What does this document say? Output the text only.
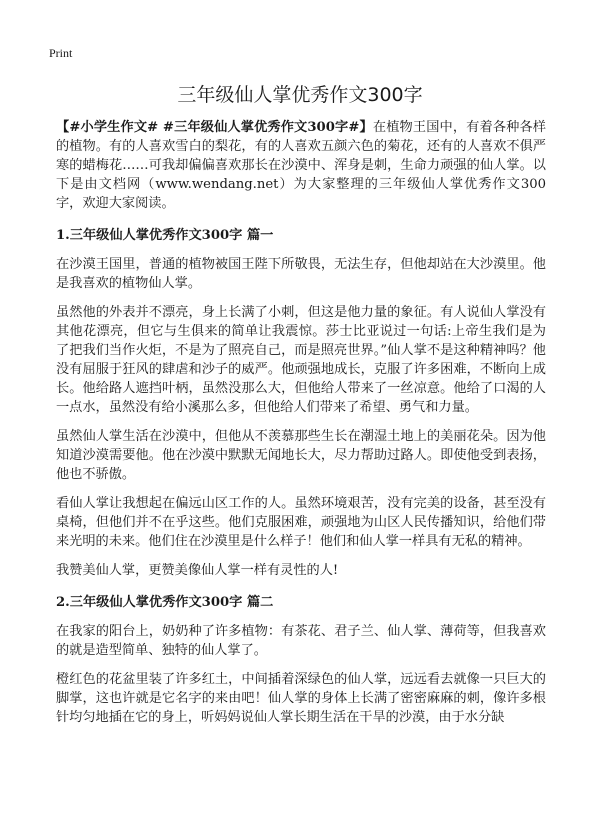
Print
三年级仙人掌优秀作文300字

【#小学生作文# #三年级仙人掌优秀作文300字#】在植物王国中，有着各种各样的植物。有的人喜欢雪白的梨花，有的人喜欢五颜六色的菊花，还有的人喜欢不俱严寒的蜡梅花……可我却偏偏喜欢那长在沙漠中、浑身是刺，生命力顽强的仙人掌。以下是由文档网（www.wendang.net）为大家整理的三年级仙人掌优秀作文300字，欢迎大家阅读。

1.三年级仙人掌优秀作文300字 篇一

在沙漠王国里，普通的植物被国王陛下所敬畏，无法生存，但他却站在大沙漠里。他是我喜欢的植物仙人掌。

虽然他的外表并不漂亮，身上长满了小刺，但这是他力量的象征。有人说仙人掌没有其他花漂亮，但它与生俱来的简单让我震惊。莎士比亚说过一句话:上帝生我们是为了把我们当作火炬，不是为了照亮自己，而是照亮世界。”仙人掌不是这种精神吗？他没有屈服于狂风的肆虐和沙子的威严。他顽强地成长，克服了许多困难，不断向上成长。他给路人遮挡叶柄，虽然没那么大，但他给人带来了一丝凉意。他给了口渴的人一点水，虽然没有给小溪那么多，但他给人们带来了希望、勇气和力量。

虽然仙人掌生活在沙漠中，但他从不羡慕那些生长在潮湿土地上的美丽花朵。因为他知道沙漠需要他。他在沙漠中默默无闻地长大，尽力帮助过路人。即使他受到表扬，他也不骄傲。

看仙人掌让我想起在偏远山区工作的人。虽然环境艰苦，没有完美的设备，甚至没有桌椅，但他们并不在乎这些。他们克服困难，顽强地为山区人民传播知识，给他们带来光明的未来。他们住在沙漠里是什么样子！他们和仙人掌一样具有无私的精神。

我赞美仙人掌，更赞美像仙人掌一样有灵性的人!

2.三年级仙人掌优秀作文300字 篇二

在我家的阳台上，奶奶种了许多植物：有茶花、君子兰、仙人掌、薄荷等，但我喜欢的就是造型简单、独特的仙人掌了。

橙红色的花盆里装了许多红土，中间插着深绿色的仙人掌，远远看去就像一只巨大的脚掌，这也许就是它名字的来由吧！仙人掌的身体上长满了密密麻麻的刺，像许多根针均匀地插在它的身上，听妈妈说仙人掌长期生活在干旱的沙漠，由于水分缺
